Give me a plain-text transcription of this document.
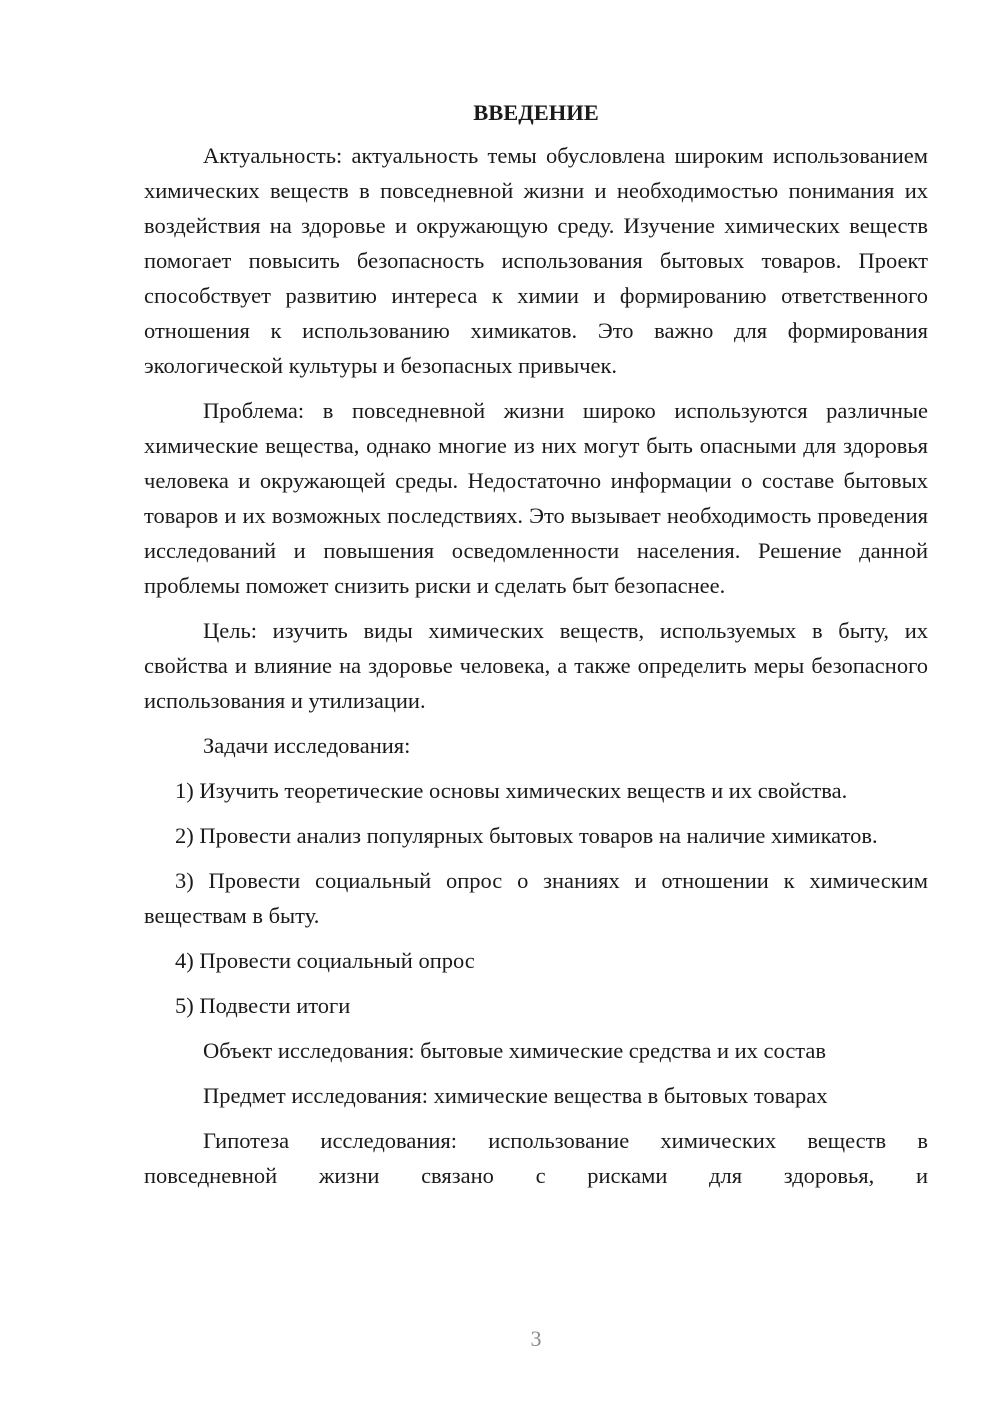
ВВЕДЕНИЕ

Актуальность: актуальность темы обусловлена широким использованием химических веществ в повседневной жизни и необходимостью понимания их воздействия на здоровье и окружающую среду. Изучение химических веществ помогает повысить безопасность использования бытовых товаров. Проект способствует развитию интереса к химии и формированию ответственного отношения к использованию химикатов. Это важно для формирования экологической культуры и безопасных привычек.

Проблема: в повседневной жизни широко используются различные химические вещества, однако многие из них могут быть опасными для здоровья человека и окружающей среды. Недостаточно информации о составе бытовых товаров и их возможных последствиях. Это вызывает необходимость проведения исследований и повышения осведомленности населения. Решение данной проблемы поможет снизить риски и сделать быт безопаснее.

Цель: изучить виды химических веществ, используемых в быту, их свойства и влияние на здоровье человека, а также определить меры безопасного использования и утилизации.

Задачи исследования:

1) Изучить теоретические основы химических веществ и их свойства.

2) Провести анализ популярных бытовых товаров на наличие химикатов.

3) Провести социальный опрос о знаниях и отношении к химическим веществам в быту.

4) Провести социальный опрос

5) Подвести итоги

Объект исследования: бытовые химические средства и их состав

Предмет исследования: химические вещества в бытовых товарах

Гипотеза исследования: использование химических веществ в повседневной жизни связано с рисками для здоровья, и

3
